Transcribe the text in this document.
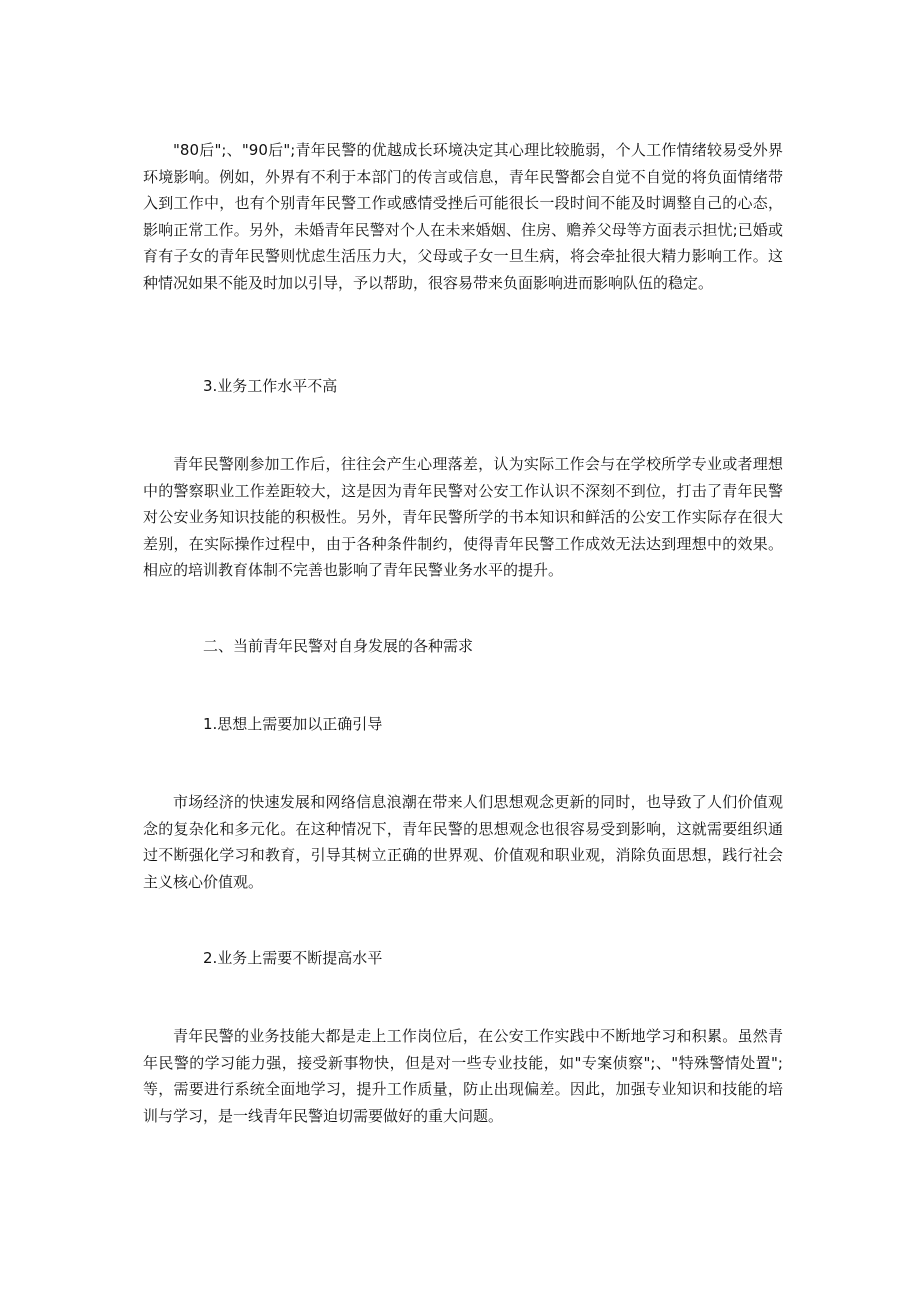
"80后";、"90后";青年民警的优越成长环境决定其心理比较脆弱，个人工作情绪较易受外界环境影响。例如，外界有不利于本部门的传言或信息，青年民警都会自觉不自觉的将负面情绪带入到工作中，也有个别青年民警工作或感情受挫后可能很长一段时间不能及时调整自己的心态，影响正常工作。另外，未婚青年民警对个人在未来婚姻、住房、赡养父母等方面表示担忧;已婚或育有子女的青年民警则忧虑生活压力大，父母或子女一旦生病，将会牵扯很大精力影响工作。这种情况如果不能及时加以引导，予以帮助，很容易带来负面影响进而影响队伍的稳定。

3.业务工作水平不高

青年民警刚参加工作后，往往会产生心理落差，认为实际工作会与在学校所学专业或者理想中的警察职业工作差距较大，这是因为青年民警对公安工作认识不深刻不到位，打击了青年民警对公安业务知识技能的积极性。另外，青年民警所学的书本知识和鲜活的公安工作实际存在很大差别，在实际操作过程中，由于各种条件制约，使得青年民警工作成效无法达到理想中的效果。相应的培训教育体制不完善也影响了青年民警业务水平的提升。

二、当前青年民警对自身发展的各种需求

1.思想上需要加以正确引导

市场经济的快速发展和网络信息浪潮在带来人们思想观念更新的同时，也导致了人们价值观念的复杂化和多元化。在这种情况下，青年民警的思想观念也很容易受到影响，这就需要组织通过不断强化学习和教育，引导其树立正确的世界观、价值观和职业观，消除负面思想，践行社会主义核心价值观。

2.业务上需要不断提高水平

青年民警的业务技能大都是走上工作岗位后，在公安工作实践中不断地学习和积累。虽然青年民警的学习能力强，接受新事物快，但是对一些专业技能，如"专案侦察";、"特殊警情处置";等，需要进行系统全面地学习，提升工作质量，防止出现偏差。因此，加强专业知识和技能的培训与学习，是一线青年民警迫切需要做好的重大问题。
